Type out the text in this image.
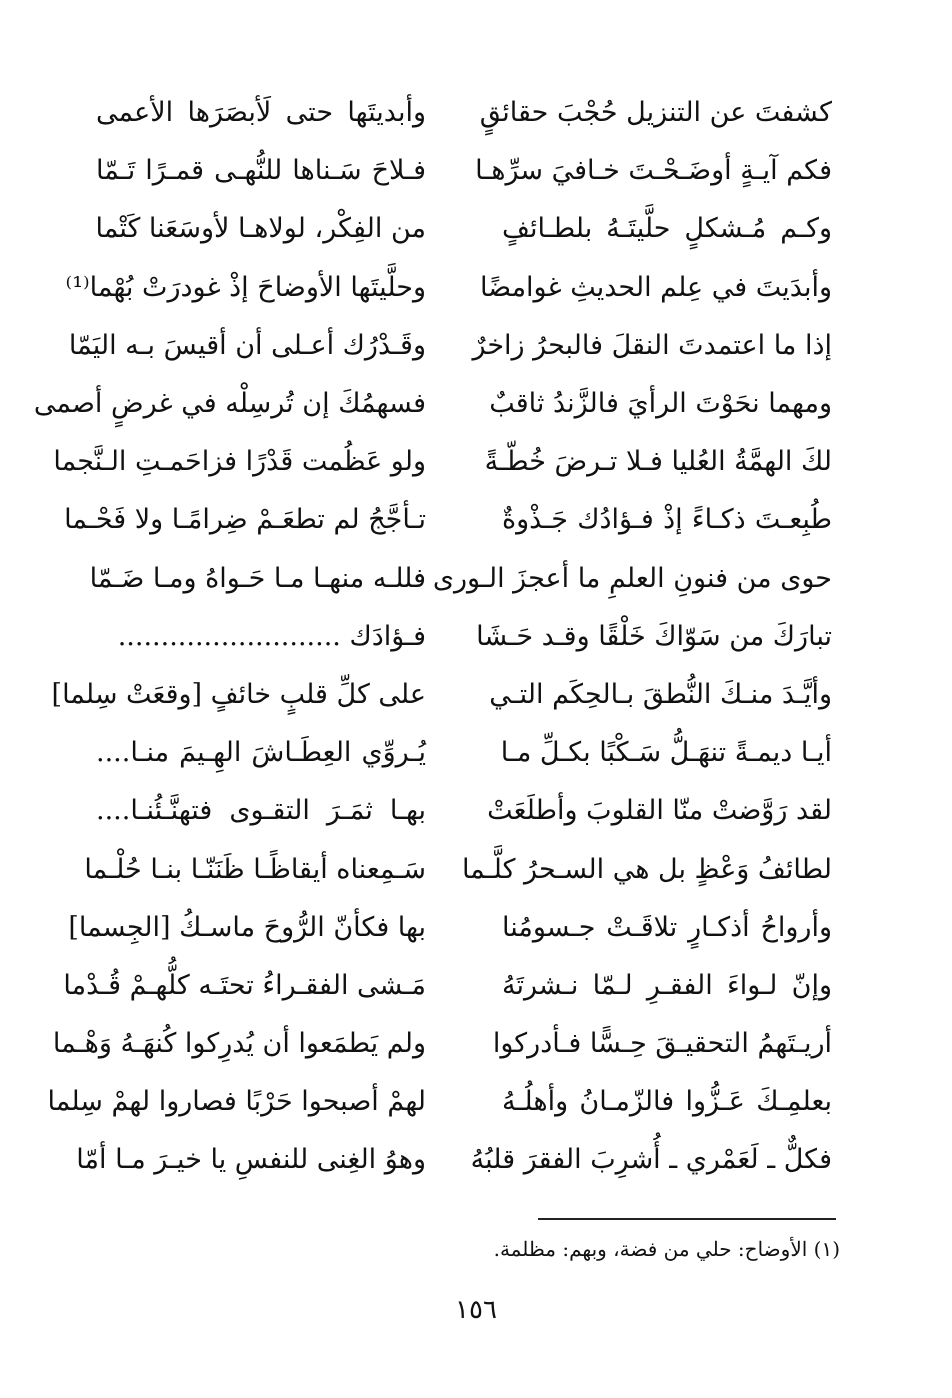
كشفتَ عن التنزيل حُجْبَ حقائقٍ
وأبديتَها حتى لَأبصَرَها الأعمى
فكم آيـةٍ أوضَـحْـتَ خـافيَ سرِّهـا
فـلاحَ سَـناها للنُّهـى قمـرًا تَـمّا
وكـم مُـشكلٍ حلَّيتَـهُ بلطـائفٍ
من الفِكْر، لولاهـا لأوسَعَنا كَتْما
وأبدَيتَ في عِلم الحديثِ غوامضًا
وحلَّيتَها الأوضاحَ إذْ غودرَتْ بُهْما⁽¹⁾
إذا ما اعتمدتَ النقلَ فالبحرُ زاخرٌ
وقَـدْرُك أعـلى أن أقيسَ بـه اليَمّا
ومهما نحَوْتَ الرأيَ فالزَّندُ ثاقبٌ
فسهمُكَ إن تُرسِلْه في غرضٍ أصمى
لكَ الهمَّةُ العُليا فـلا تـرضَ خُطّـةً
ولو عَظُمت قَدْرًا فزاحَمـتِ الـنَّجما
طُبِعـتَ ذكـاءً إذْ فـؤادُك جَـذْوةٌ
تـأجَّجُ لم تطعَـمْ ضِرامًـا ولا فَحْـما
حوى من فنونِ العلمِ ما أعجزَ الـورى
فللـه منهـا مـا حَـواهُ ومـا ضَـمّا
تبارَكَ من سَوّاكَ خَلْقًا وقـد حَـشَا
فـؤادَك ..........................
وأيَّـدَ منـكَ النُّطقَ بـالحِكَم التـي
على كلِّ قلبٍ خائفٍ [وقعَتْ سِلما]
أيـا ديمـةً تنهَـلُّ سَـكْبًا بكـلِّ مـا
يُـروِّي العِطَـاشَ الهِـيمَ منـا....
لقد رَوَّضتْ منّا القلوبَ وأطلَعَتْ
بهـا ثمَـرَ التقـوى فتهنَّـئُنـا....
لطائفُ وَعْظٍ بل هي السـحرُ كلَّـما
سَـمِعناه أيقاظًـا ظَنَنّـا بنـا حُلْـما
وأرواحُ أذكـارٍ تلاقَـتْ جـسومُنا
بها فكأنّ الرُّوحَ ماسـكُ [الجِسما]
وإنّ لـواءَ الفقـرِ لـمّا نـشرتَهُ
مَـشى الفقـراءُ تحتَـه كلُّهـمْ قُـدْما
أريـتَهمُ التحقيـقَ حِـسًّا فـأدركوا
ولم يَطمَعوا أن يُدرِكوا كُنهَـهُ وَهْـما
بعلمِـكَ عَـزُّوا فالزّمـانُ وأهلُـهُ
لهمْ أصبحوا حَرْبًا فصاروا لهمْ سِلما
فكلٌّ ـ لَعَمْري ـ أُشرِبَ الفقرَ قلبُهُ
وهوُ الغِنى للنفسِ يا خيـرَ مـا أمّا
(١) الأوضاح: حلي من فضة، وبهم: مظلمة.
١٥٦
